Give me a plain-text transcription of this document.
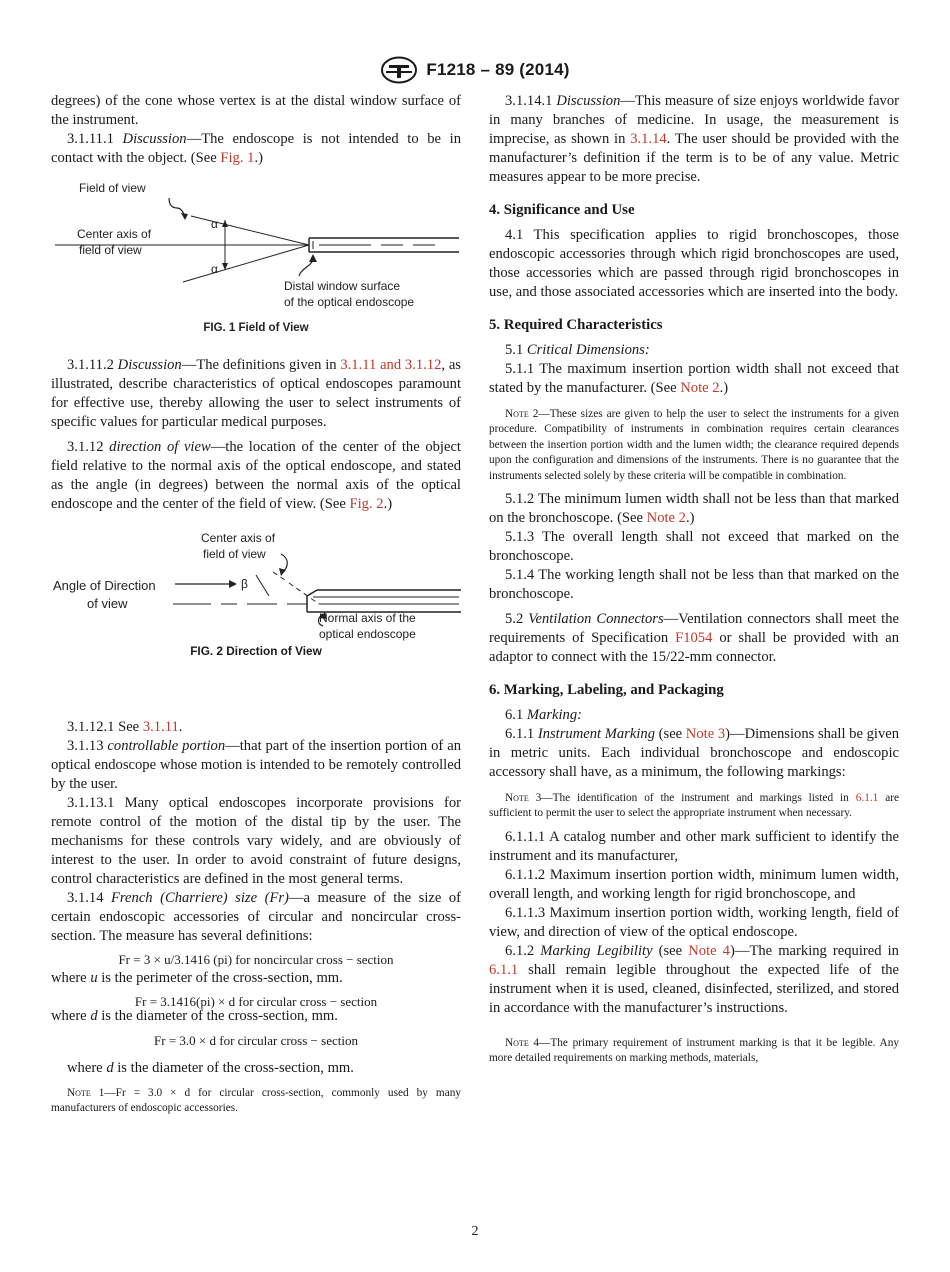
F1218 – 89 (2014)

degrees) of the cone whose vertex is at the distal window surface of the instrument.

3.1.11.1 Discussion—The endoscope is not intended to be in contact with the object. (See Fig. 1.)

Field of view
Center axis of
field of view
α
α
Distal window surface
of the optical endoscope
FIG. 1 Field of View

3.1.11.2 Discussion—The definitions given in 3.1.11 and 3.1.12, as illustrated, describe characteristics of optical endoscopes paramount for effective use, thereby allowing the user to select instruments of specific values for particular medical purposes.

3.1.12 direction of view—the location of the center of the object field relative to the normal axis of the optical endoscope, and stated as the angle (in degrees) between the normal axis of the optical endoscope and the center of the field of view. (See Fig. 2.)

Center axis of
field of view
Angle of Direction
of view
β
Normal axis of the
optical endoscope
FIG. 2 Direction of View

3.1.12.1 See 3.1.11.

3.1.13 controllable portion—that part of the insertion portion of an optical endoscope whose motion is intended to be remotely controlled by the user.

3.1.13.1 Many optical endoscopes incorporate provisions for remote control of the motion of the distal tip by the user. The mechanisms for these controls vary widely, and are obviously of interest to the user. In order to avoid constraint of future designs, control characteristics are defined in the most general terms.

3.1.14 French (Charriere) size (Fr)—a measure of the size of certain endoscopic accessories of circular and noncircular cross-section. The measure has several definitions:

Fr = 3 × u/3.1416 (pi) for noncircular cross − section

where u is the perimeter of the cross-section, mm.

Fr = 3.1416(pi) × d for circular cross − section

where d is the diameter of the cross-section, mm.

Fr = 3.0 × d for circular cross − section

where d is the diameter of the cross-section, mm.

Note 1—Fr = 3.0 × d for circular cross-section, commonly used by many manufacturers of endoscopic accessories.

3.1.14.1 Discussion—This measure of size enjoys worldwide favor in many branches of medicine. In usage, the measurement is imprecise, as shown in 3.1.14. The user should be provided with the manufacturer’s definition if the term is to be of any value. Metric measures appear to be more precise.

4. Significance and Use

4.1 This specification applies to rigid bronchoscopes, those endoscopic accessories through which rigid bronchoscopes are used, those accessories which are passed through rigid bronchoscopes in use, and those associated accessories which are inserted into the body.

5. Required Characteristics

5.1 Critical Dimensions:

5.1.1 The maximum insertion portion width shall not exceed that stated by the manufacturer. (See Note 2.)

Note 2—These sizes are given to help the user to select the instruments for a given procedure. Compatibility of instruments in combination requires certain clearances between the insertion portion width and the lumen width; the clearance required depends upon the configuration and dimensions of the instruments. There is no guarantee that the instruments selected solely by these criteria will be compatible in combination.

5.1.2 The minimum lumen width shall not be less than that marked on the bronchoscope. (See Note 2.)

5.1.3 The overall length shall not exceed that marked on the bronchoscope.

5.1.4 The working length shall not be less than that marked on the bronchoscope.

5.2 Ventilation Connectors—Ventilation connectors shall meet the requirements of Specification F1054 or shall be provided with an adaptor to connect with the 15/22-mm connector.

6. Marking, Labeling, and Packaging

6.1 Marking:

6.1.1 Instrument Marking (see Note 3)—Dimensions shall be given in metric units. Each individual bronchoscope and endoscopic accessory shall have, as a minimum, the following markings:

Note 3—The identification of the instrument and markings listed in 6.1.1 are sufficient to permit the user to select the appropriate instrument when necessary.

6.1.1.1 A catalog number and other mark sufficient to identify the instrument and its manufacturer,

6.1.1.2 Maximum insertion portion width, minimum lumen width, overall length, and working length for rigid bronchoscope, and

6.1.1.3 Maximum insertion portion width, working length, field of view, and direction of view of the optical endoscope.

6.1.2 Marking Legibility (see Note 4)—The marking required in 6.1.1 shall remain legible throughout the expected life of the instrument when it is used, cleaned, disinfected, sterilized, and stored in accordance with the manufacturer’s instructions.

Note 4—The primary requirement of instrument marking is that it be legible. Any more detailed requirements on marking methods, materials,

2
